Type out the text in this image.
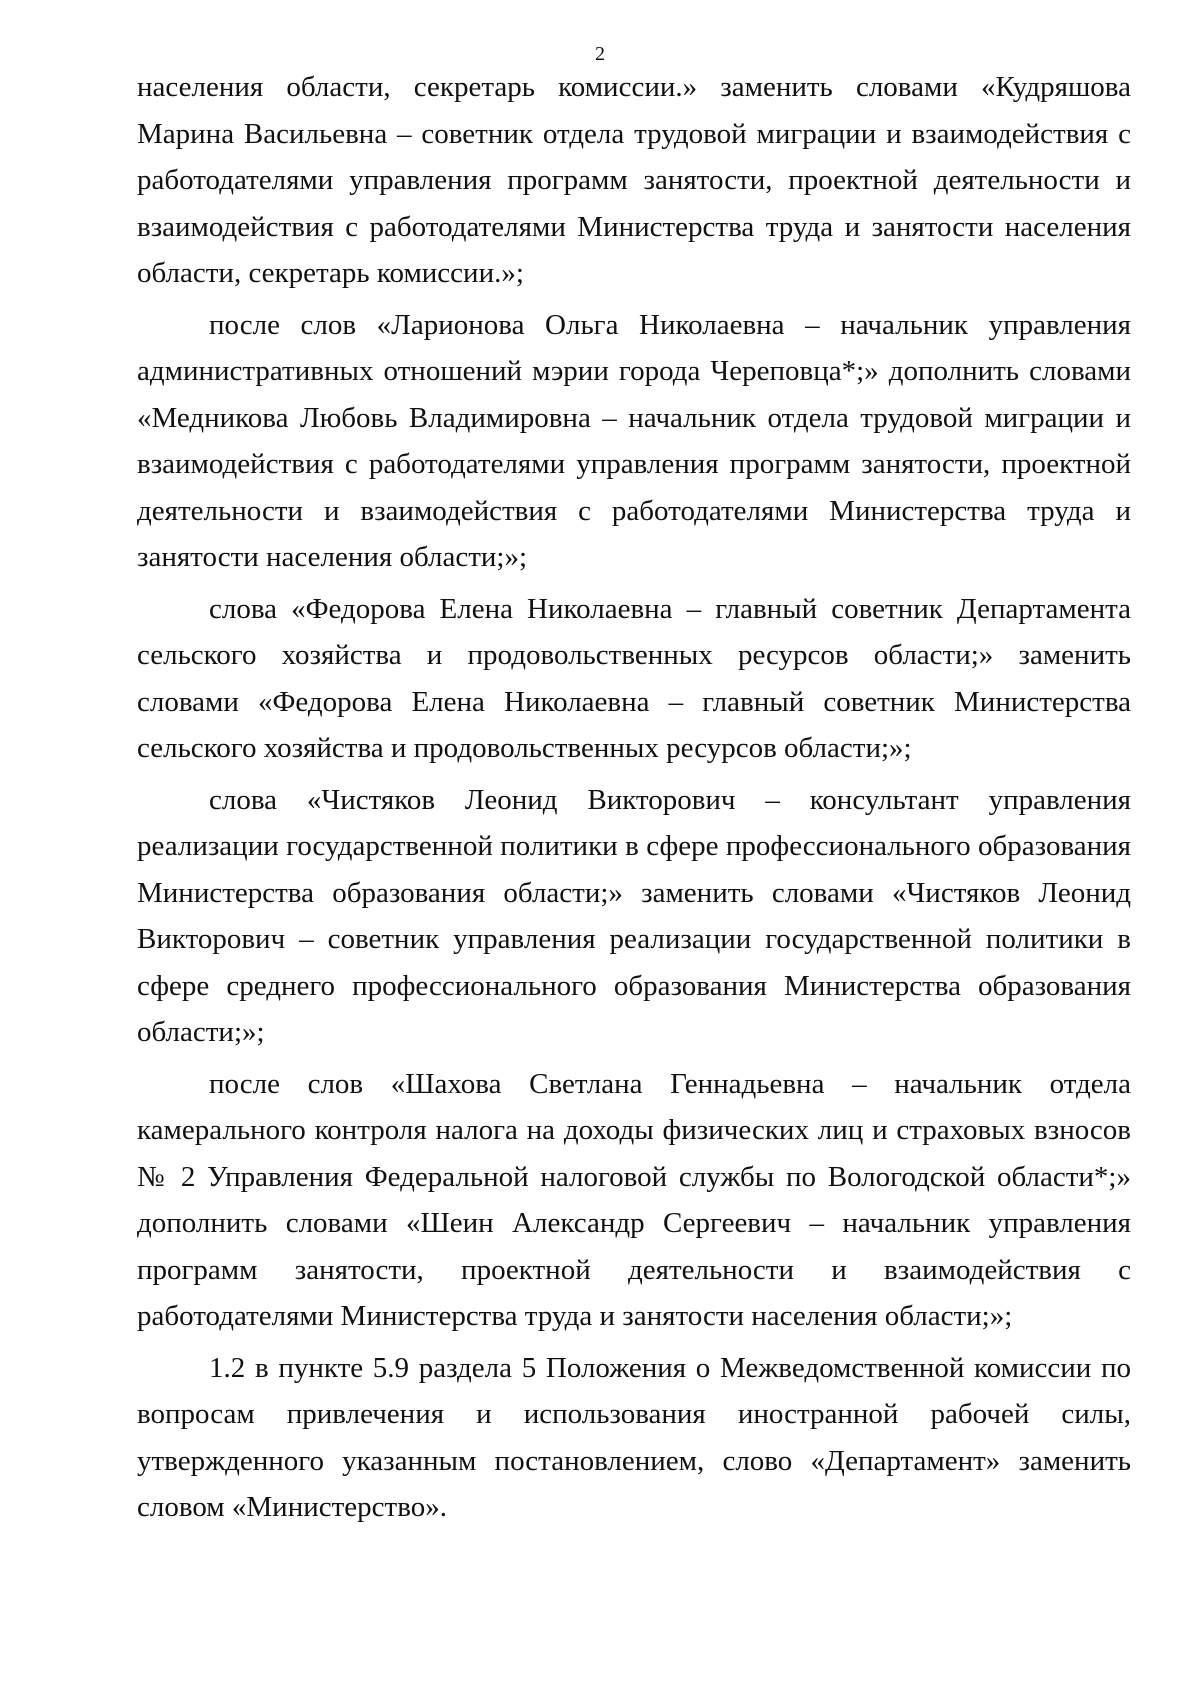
2

населения области, секретарь комиссии.» заменить словами «Кудряшова Марина Васильевна – советник отдела трудовой миграции и взаимодействия с работодателями управления программ занятости, проектной деятельности и взаимодействия с работодателями Министерства труда и занятости населения области, секретарь комиссии.»;

после слов «Ларионова Ольга Николаевна – начальник управления административных отношений мэрии города Череповца*;» дополнить словами «Медникова Любовь Владимировна – начальник отдела трудовой миграции и взаимодействия с работодателями управления программ занятости, проектной деятельности и взаимодействия с работодателями Министерства труда и занятости населения области;»;

слова «Федорова Елена Николаевна – главный советник Департамента сельского хозяйства и продовольственных ресурсов области;» заменить словами «Федорова Елена Николаевна – главный советник Министерства сельского хозяйства и продовольственных ресурсов области;»;

слова «Чистяков Леонид Викторович – консультант управления реализации государственной политики в сфере профессионального образования Министерства образования области;» заменить словами «Чистяков Леонид Викторович – советник управления реализации государственной политики в сфере среднего профессионального образования Министерства образования области;»;

после слов «Шахова Светлана Геннадьевна – начальник отдела камерального контроля налога на доходы физических лиц и страховых взносов № 2 Управления Федеральной налоговой службы по Вологодской области*;» дополнить словами «Шеин Александр Сергеевич – начальник управления программ занятости, проектной деятельности и взаимодействия с работодателями Министерства труда и занятости населения области;»;

1.2 в пункте 5.9 раздела 5 Положения о Межведомственной комиссии по вопросам привлечения и использования иностранной рабочей силы, утвержденного указанным постановлением, слово «Департамент» заменить словом «Министерство».
